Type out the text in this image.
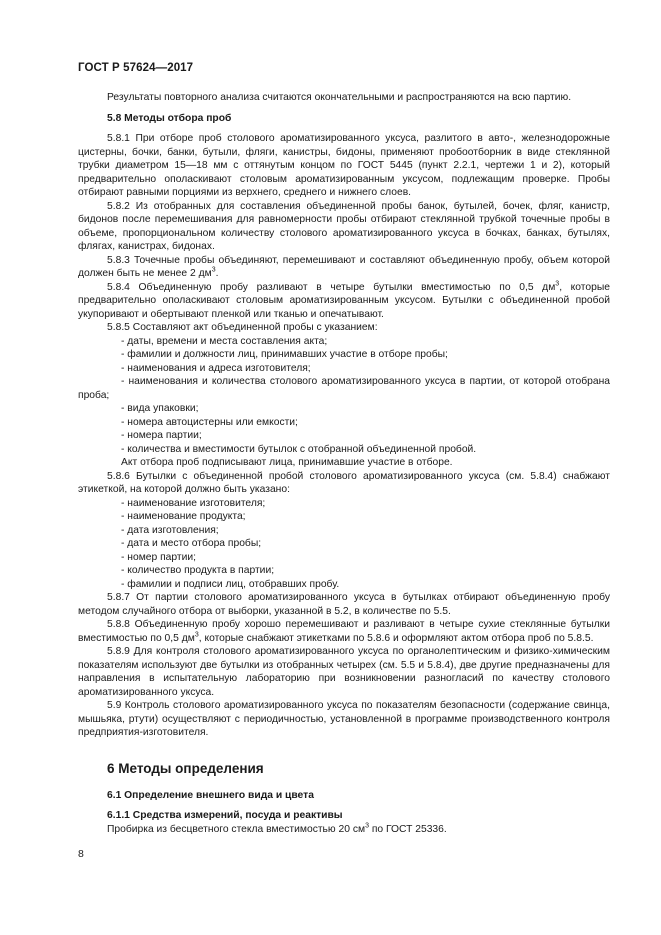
ГОСТ Р 57624—2017

Результаты повторного анализа считаются окончательными и распространяются на всю партию.

5.8 Методы отбора проб

5.8.1 При отборе проб столового ароматизированного уксуса, разлитого в авто-, железнодорожные цистерны, бочки, банки, бутыли, фляги, канистры, бидоны, применяют пробоотборник в виде стеклянной трубки диаметром 15—18 мм с оттянутым концом по ГОСТ 5445 (пункт 2.2.1, чертежи 1 и 2), который предварительно ополаскивают столовым ароматизированным уксусом, подлежащим проверке. Пробы отбирают равными порциями из верхнего, среднего и нижнего слоев.

5.8.2 Из отобранных для составления объединенной пробы банок, бутылей, бочек, фляг, канистр, бидонов после перемешивания для равномерности пробы отбирают стеклянной трубкой точечные пробы в объеме, пропорциональном количеству столового ароматизированного уксуса в бочках, банках, бутылях, флягах, канистрах, бидонах.

5.8.3 Точечные пробы объединяют, перемешивают и составляют объединенную пробу, объем которой должен быть не менее 2 $дм^3$.

5.8.4 Объединенную пробу разливают в четыре бутылки вместимостью по 0,5 $дм^3$, которые предварительно ополаскивают столовым ароматизированным уксусом. Бутылки с объединенной пробой укупоривают и обертывают пленкой или тканью и опечатывают.

5.8.5 Составляют акт объединенной пробы с указанием:

- даты, времени и места составления акта;

- фамилии и должности лиц, принимавших участие в отборе пробы;

- наименования и адреса изготовителя;

- наименования и количества столового ароматизированного уксуса в партии, от которой отобрана проба;

- вида упаковки;

- номера автоцистерны или емкости;

- номера партии;

- количества и вместимости бутылок с отобранной объединенной пробой.

Акт отбора проб подписывают лица, принимавшие участие в отборе.

5.8.6 Бутылки с объединенной пробой столового ароматизированного уксуса (см. 5.8.4) снабжают этикеткой, на которой должно быть указано:

- наименование изготовителя;

- наименование продукта;

- дата изготовления;

- дата и место отбора пробы;

- номер партии;

- количество продукта в партии;

- фамилии и подписи лиц, отобравших пробу.

5.8.7 От партии столового ароматизированного уксуса в бутылках отбирают объединенную пробу методом случайного отбора от выборки, указанной в 5.2, в количестве по 5.5.

5.8.8 Объединенную пробу хорошо перемешивают и разливают в четыре сухие стеклянные бутылки вместимостью по 0,5 $дм^3$, которые снабжают этикетками по 5.8.6 и оформляют актом отбора проб по 5.8.5.

5.8.9 Для контроля столового ароматизированного уксуса по органолептическим и физико-химическим показателям используют две бутылки из отобранных четырех (см. 5.5 и 5.8.4), две другие предназначены для направления в испытательную лабораторию при возникновении разногласий по качеству столового ароматизированного уксуса.

5.9 Контроль столового ароматизированного уксуса по показателям безопасности (содержание свинца, мышьяка, ртути) осуществляют с периодичностью, установленной в программе производственного контроля предприятия-изготовителя.

6 Методы определения

6.1 Определение внешнего вида и цвета

6.1.1 Средства измерений, посуда и реактивы

Пробирка из бесцветного стекла вместимостью 20 $см^3$ по ГОСТ 25336.

8
